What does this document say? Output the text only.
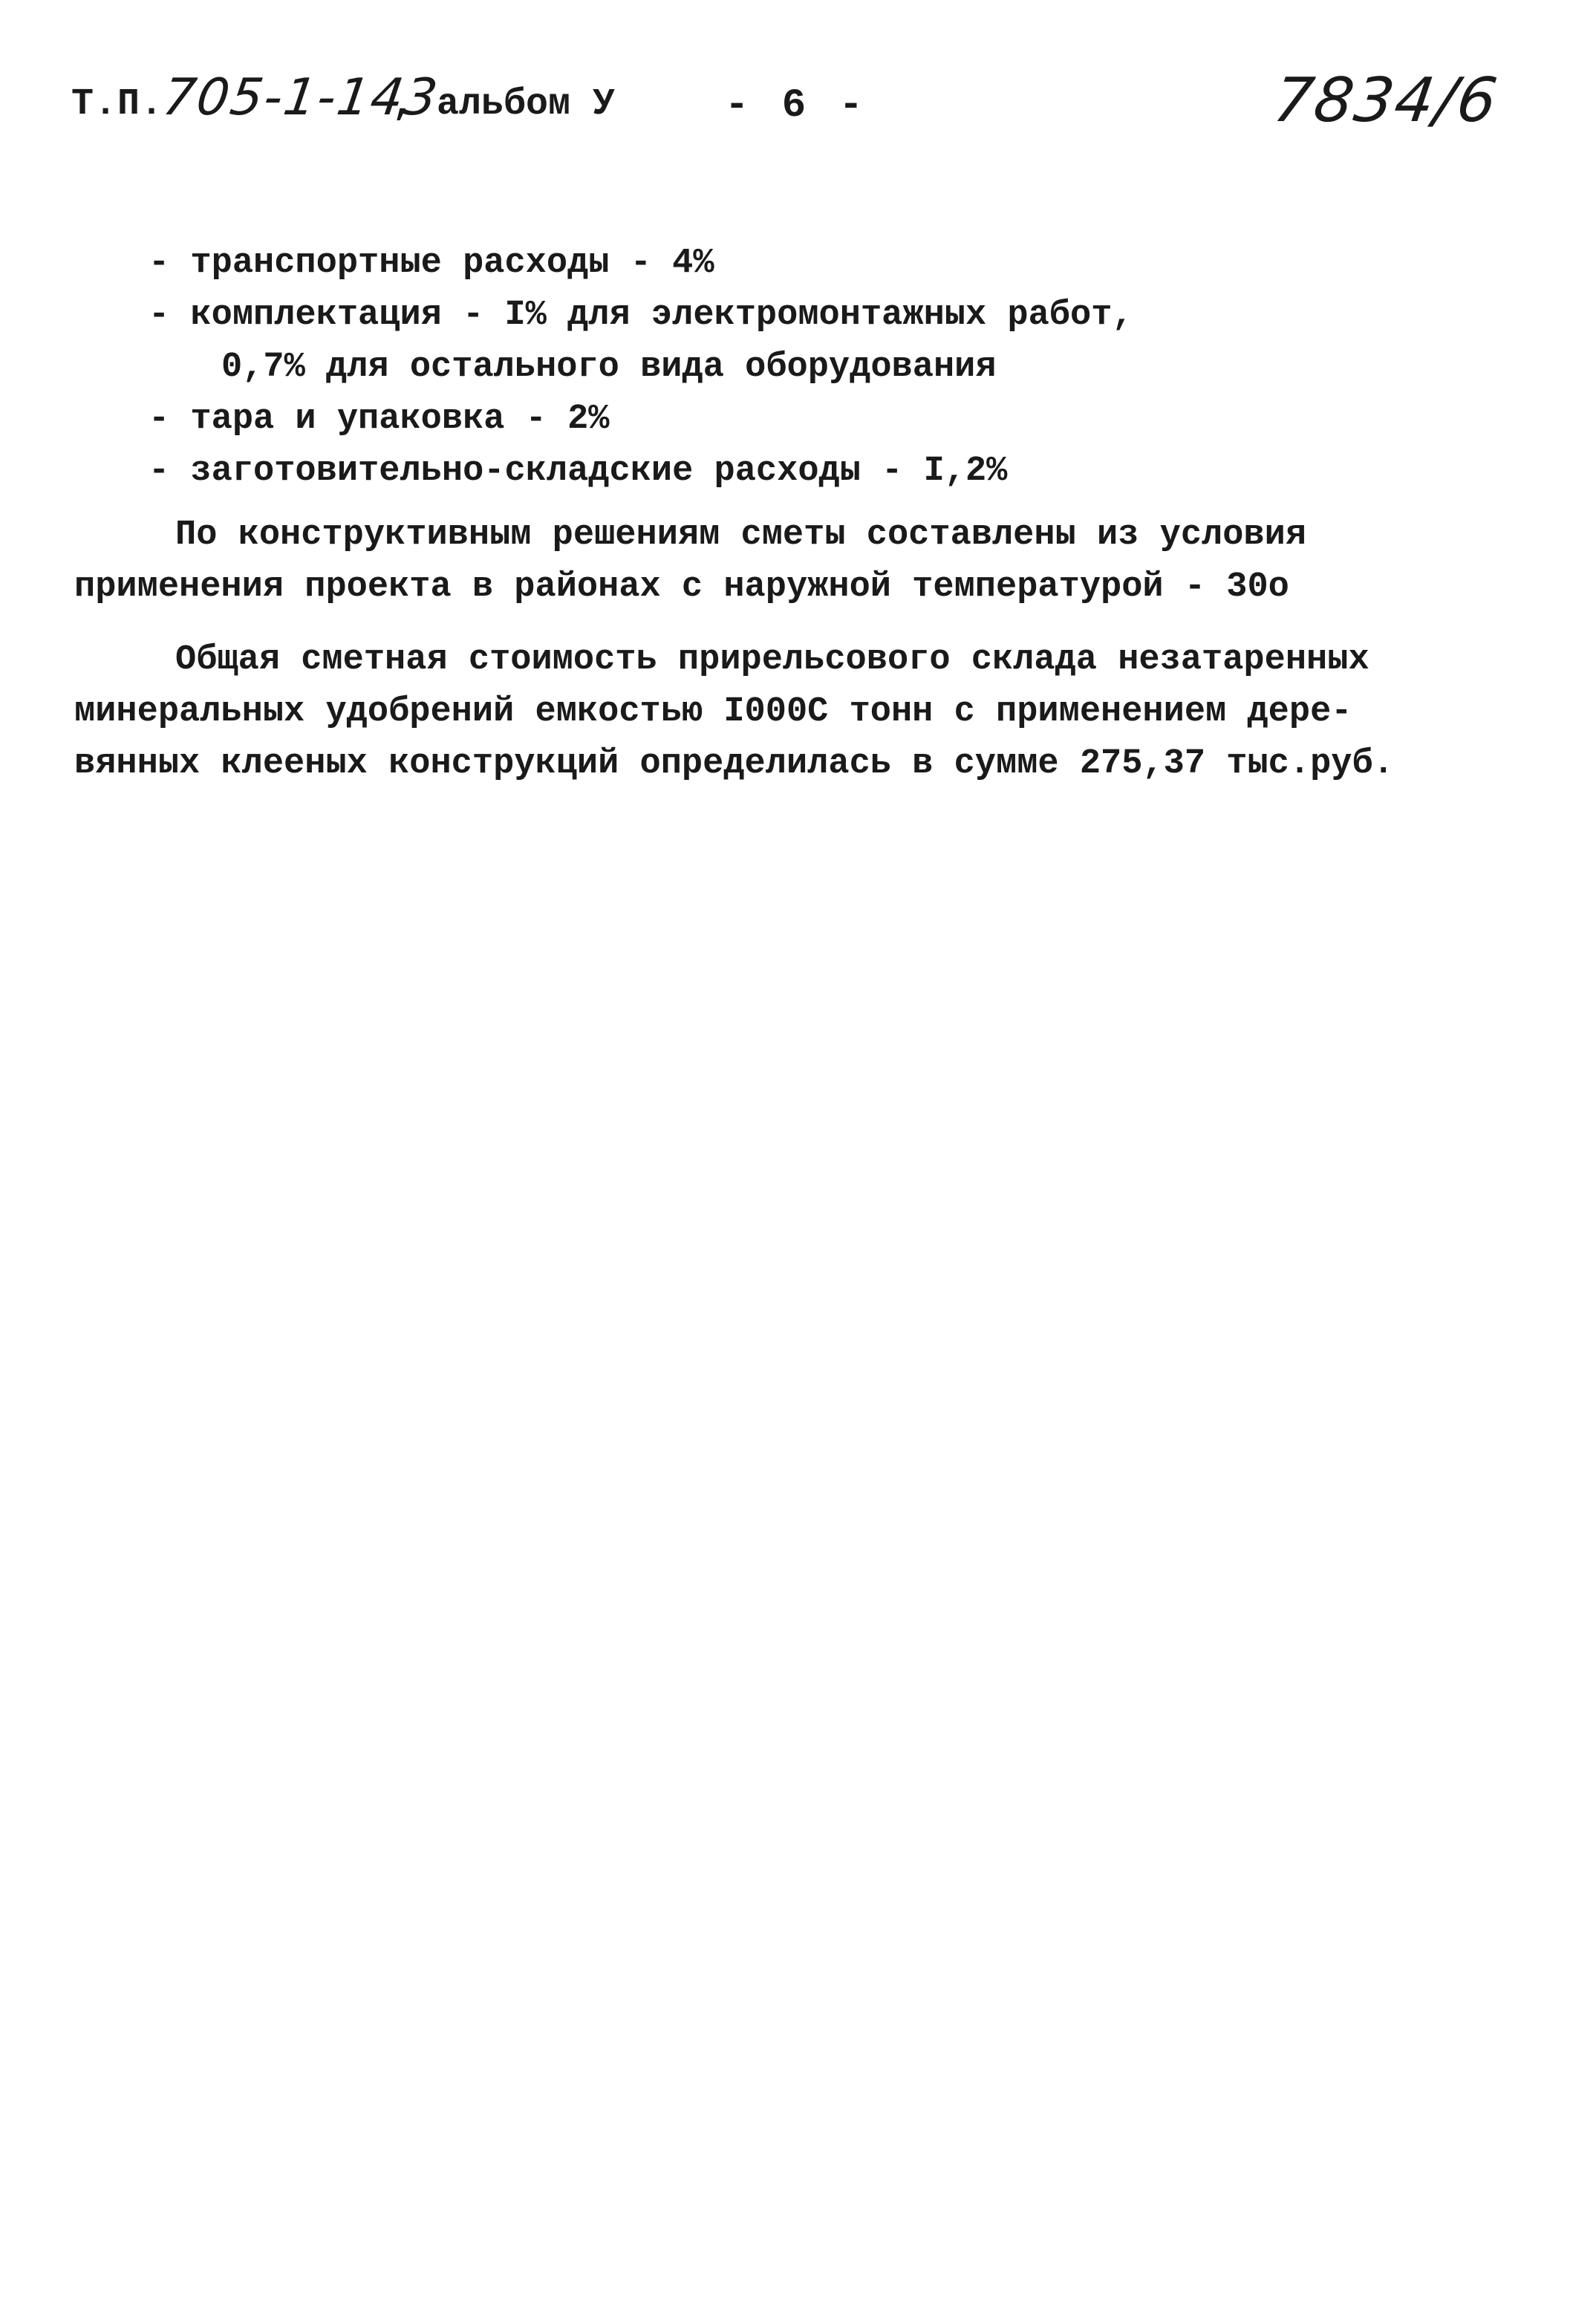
Т.П.
705-1-143
, альбом У	- 6 -	7834/6
- транспортные расходы - 4%
- комплектация - I% для электромонтажных работ,
0,7% для остального вида оборудования
- тара и упаковка - 2%
- заготовительно-складские расходы - I,2%
По конструктивным решениям сметы составлены из условия
применения проекта в районах с наружной температурой - 30о
Общая сметная стоимость прирельсового склада незатаренных
минеральных удобрений емкостью I000С тонн с применением дере-
вянных клееных конструкций определилась в сумме 275,37 тыс.руб.
